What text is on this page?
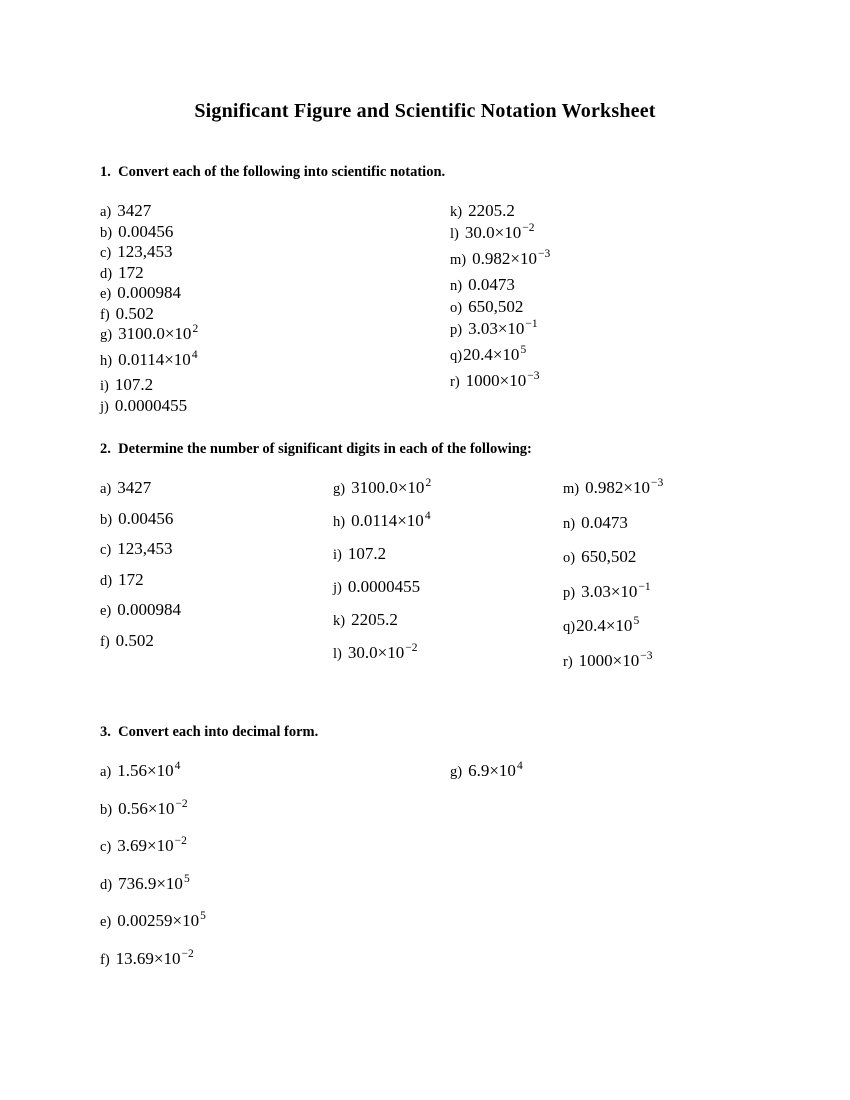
Significant Figure and Scientific Notation Worksheet
1.  Convert each of the following into scientific notation.
a) 3427
b) 0.00456
c) 123,453
d) 172
e) 0.000984
f) 0.502
g) $3100.0\times 10^2$
h) $0.0114\times 10^4$
i) 107.2
j) 0.0000455
k) 2205.2
l) $30.0\times 10^{-2}$
m) $0.982\times 10^{-3}$
n) 0.0473
o) 650,502
p) $3.03\times 10^{-1}$
$q)20.4\times 10^5$
r) $1000\times 10^{-3}$
2.  Determine the number of significant digits in each of the following:
a) 3427
b) 0.00456
c) 123,453
d) 172
e) 0.000984
f) 0.502
g) $3100.0\times 10^2$
h) $0.0114\times 10^4$
i) 107.2
j) 0.0000455
k) 2205.2
l) $30.0\times 10^{-2}$
m) $0.982\times 10^{-3}$
n) 0.0473
o) 650,502
p) $3.03\times 10^{-1}$
$q)20.4\times 10^5$
r) $1000\times 10^{-3}$
3.  Convert each into decimal form.
a) $1.56\times 10^4$
b) $0.56\times 10^{-2}$
c) $3.69\times 10^{-2}$
d) $736.9\times 10^5$
e) $0.00259\times 10^5$
f) $13.69\times 10^{-2}$
g) $6.9\times 10^4$
